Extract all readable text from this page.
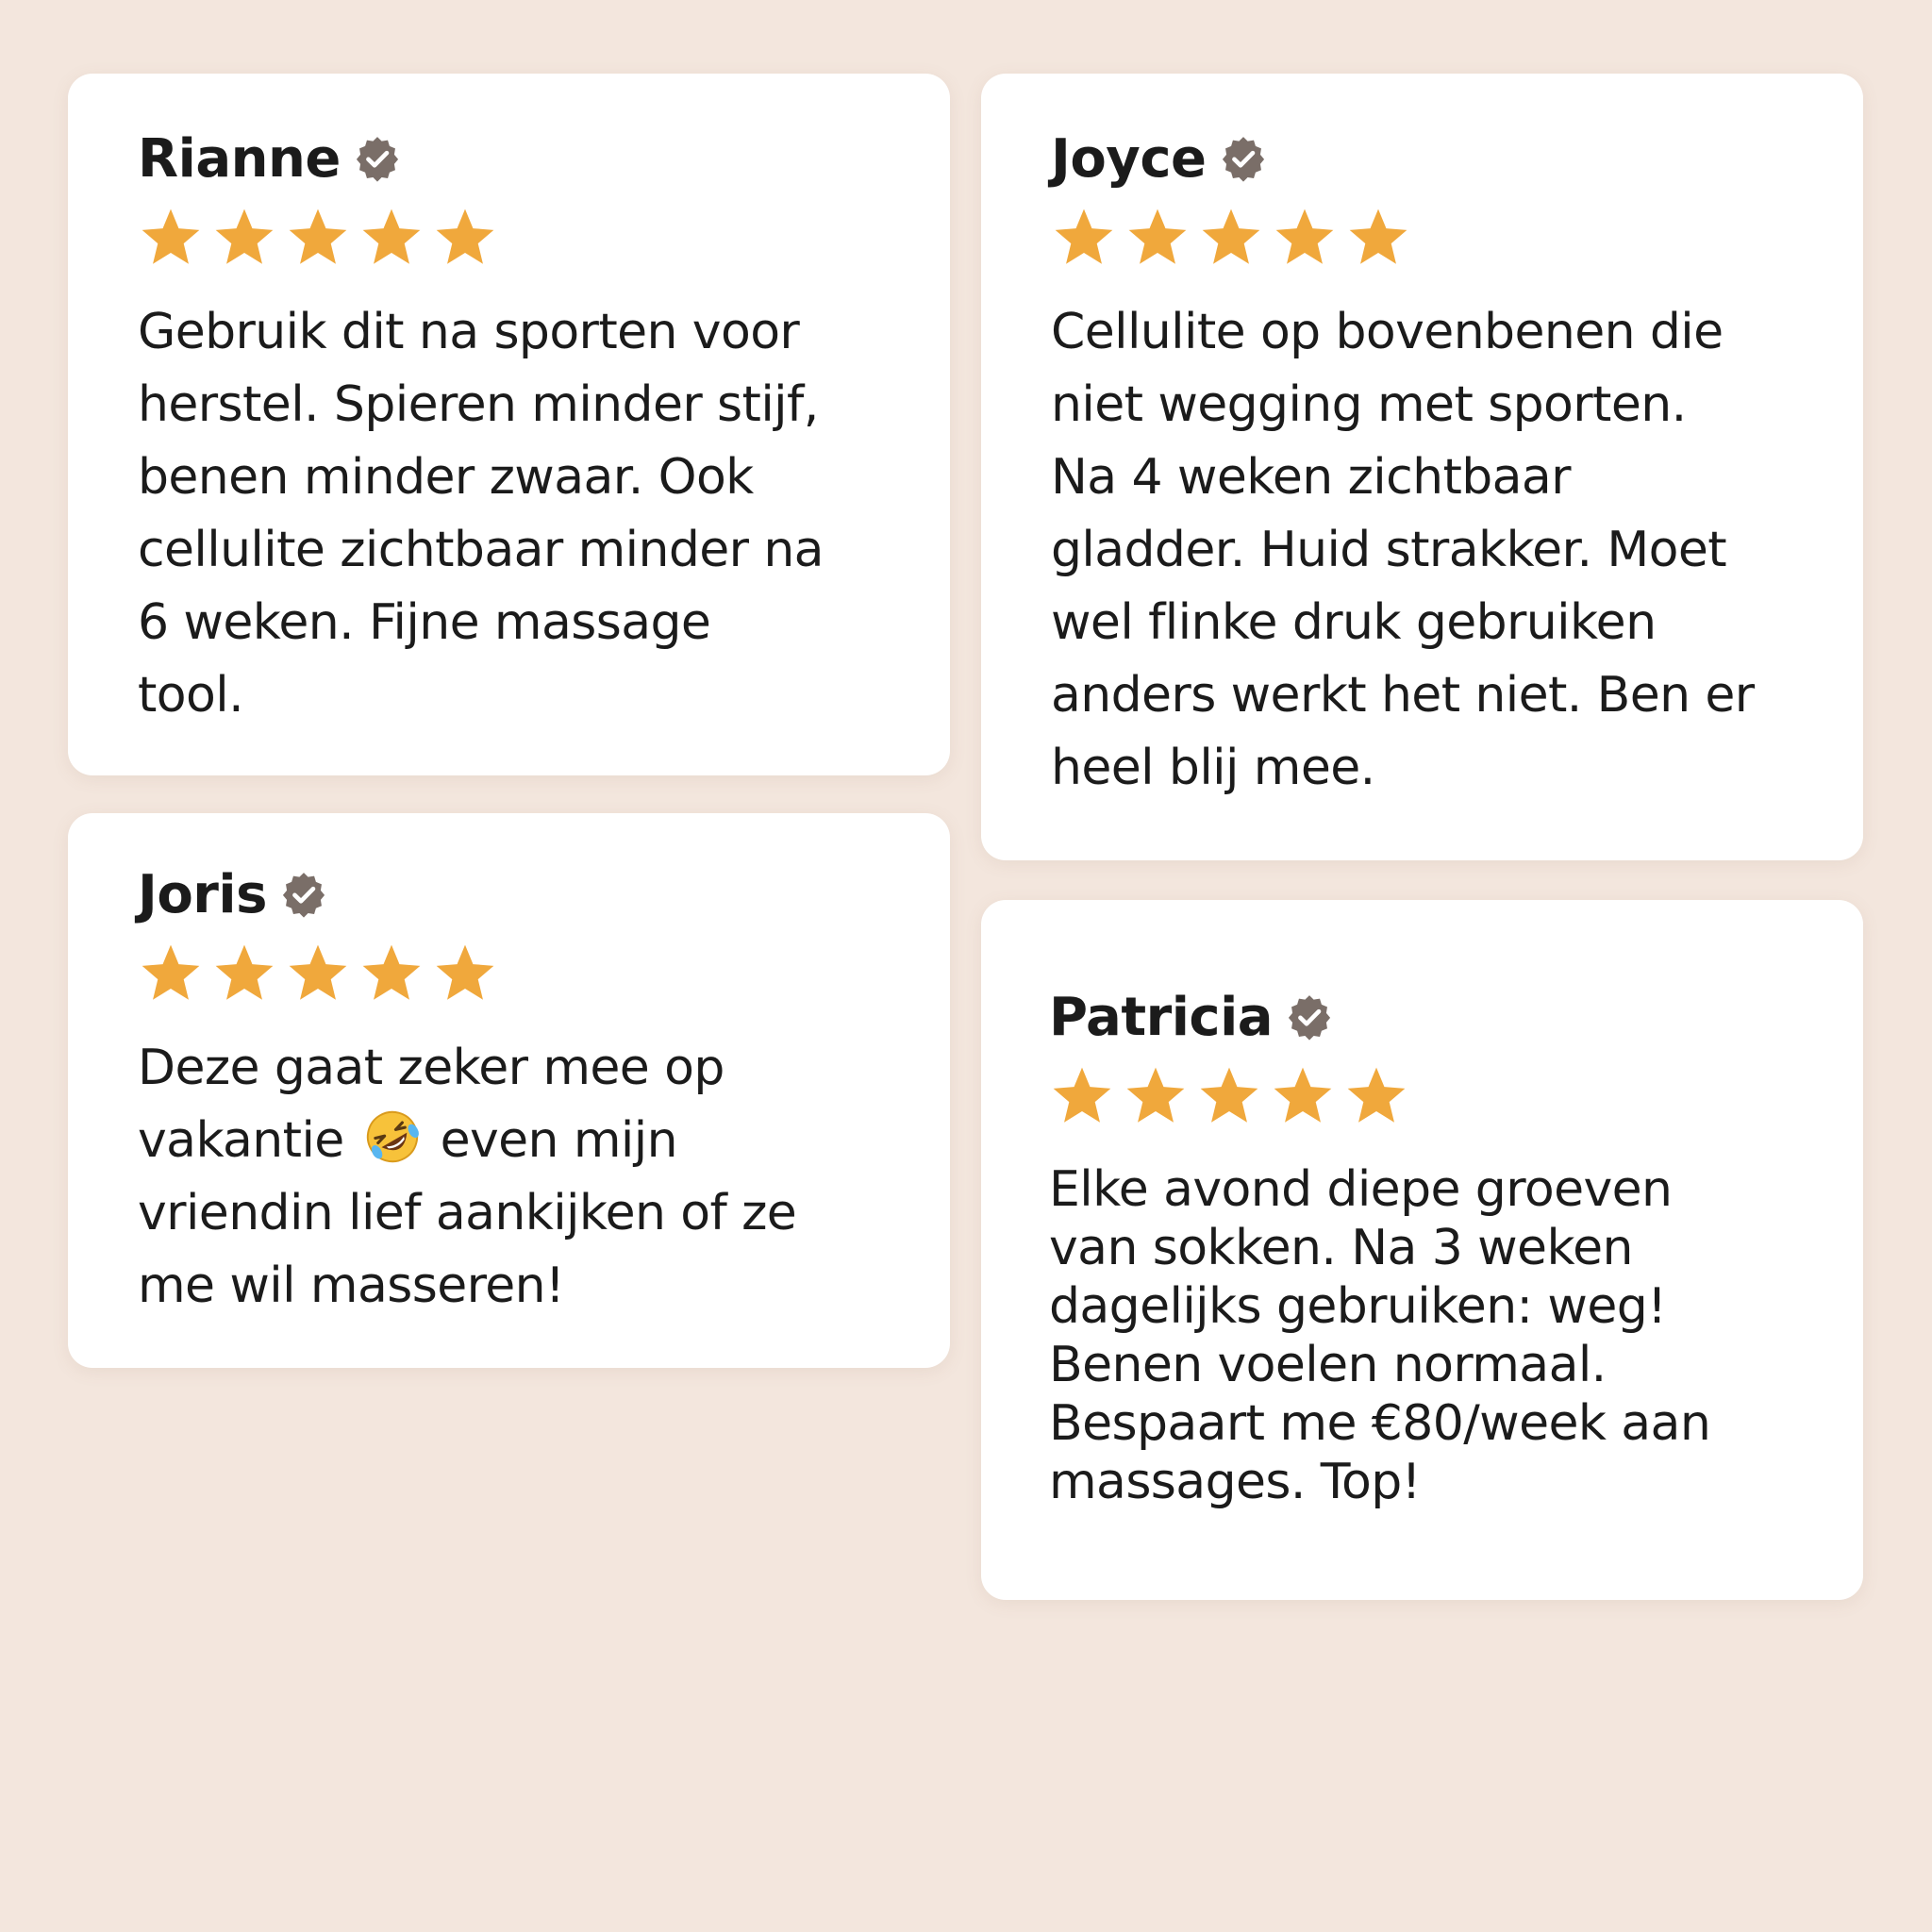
Rianne
Gebruik dit na sporten voor
herstel. Spieren minder stijf,
benen minder zwaar. Ook
cellulite zichtbaar minder na
6 weken. Fijne massage
tool.
Joyce
Cellulite op bovenbenen die
niet wegging met sporten.
Na 4 weken zichtbaar
gladder. Huid strakker. Moet
wel flinke druk gebruiken
anders werkt het niet. Ben er
heel blij mee.
Joris
Deze gaat zeker mee op
vakantie even mijn
vriendin lief aankijken of ze
me wil masseren!
Patricia
Elke avond diepe groeven
van sokken. Na 3 weken
dagelijks gebruiken: weg!
Benen voelen normaal.
Bespaart me €80/week aan
massages. Top!
